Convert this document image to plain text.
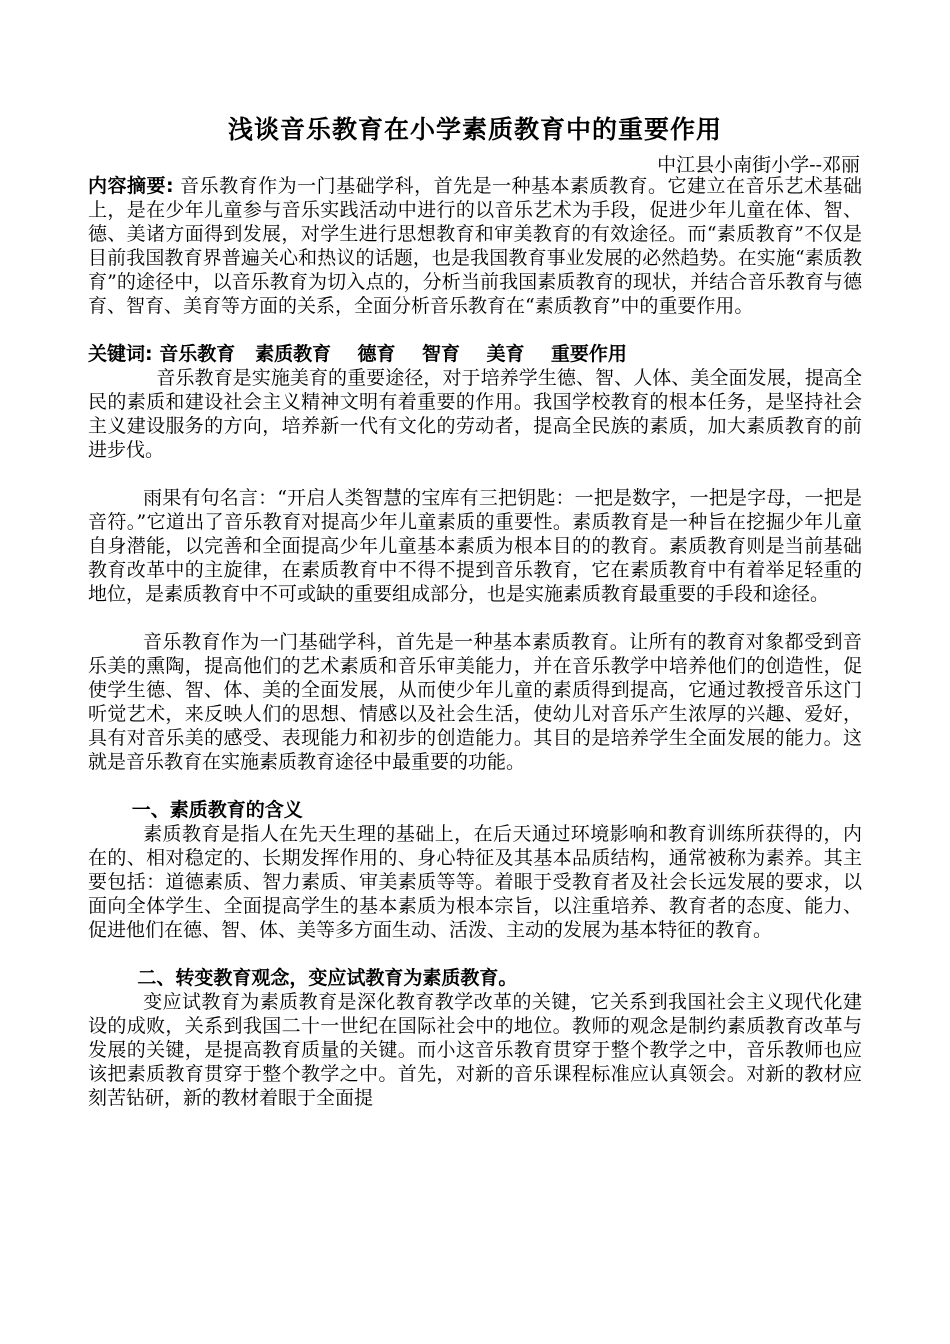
浅谈音乐教育在小学素质教育中的重要作用

中江县小南街小学--邓丽

内容摘要: 音乐教育作为一门基础学科，首先是一种基本素质教育。它建立在音乐艺术基础上，是在少年儿童参与音乐实践活动中进行的以音乐艺术为手段，促进少年儿童在体、智、德、美诸方面得到发展，对学生进行思想教育和审美教育的有效途径。而“素质教育”不仅是目前我国教育界普遍关心和热议的话题，也是我国教育事业发展的必然趋势。在实施“素质教育”的途径中，以音乐教育为切入点的，分析当前我国素质教育的现状，并结合音乐教育与德育、智育、美育等方面的关系，全面分析音乐教育在“素质教育”中的重要作用。

关键词: 音乐教育   素质教育    德育    智育    美育    重要作用

音乐教育是实施美育的重要途径，对于培养学生德、智、人体、美全面发展，提高全民的素质和建设社会主义精神文明有着重要的作用。我国学校教育的根本任务，是坚持社会主义建设服务的方向，培养新一代有文化的劳动者，提高全民族的素质，加大素质教育的前进步伐。

雨果有句名言：“开启人类智慧的宝库有三把钥匙：一把是数字，一把是字母，一把是音符。”它道出了音乐教育对提高少年儿童素质的重要性。素质教育是一种旨在挖掘少年儿童自身潜能，以完善和全面提高少年儿童基本素质为根本目的的教育。素质教育则是当前基础教育改革中的主旋律，在素质教育中不得不提到音乐教育，它在素质教育中有着举足轻重的地位，是素质教育中不可或缺的重要组成部分，也是实施素质教育最重要的手段和途径。

音乐教育作为一门基础学科，首先是一种基本素质教育。让所有的教育对象都受到音乐美的熏陶，提高他们的艺术素质和音乐审美能力，并在音乐教学中培养他们的创造性，促使学生德、智、体、美的全面发展，从而使少年儿童的素质得到提高，它通过教授音乐这门听觉艺术，来反映人们的思想、情感以及社会生活，使幼儿对音乐产生浓厚的兴趣、爱好，具有对音乐美的感受、表现能力和初步的创造能力。其目的是培养学生全面发展的能力。这就是音乐教育在实施素质教育途径中最重要的功能。

一、素质教育的含义

素质教育是指人在先天生理的基础上，在后天通过环境影响和教育训练所获得的，内在的、相对稳定的、长期发挥作用的、身心特征及其基本品质结构，通常被称为素养。其主要包括：道德素质、智力素质、审美素质等等。着眼于受教育者及社会长远发展的要求，以面向全体学生、全面提高学生的基本素质为根本宗旨，以注重培养、教育者的态度、能力、促进他们在德、智、体、美等多方面生动、活泼、主动的发展为基本特征的教育。

二、转变教育观念，变应试教育为素质教育。

变应试教育为素质教育是深化教育教学改革的关键，它关系到我国社会主义现代化建设的成败，关系到我国二十一世纪在国际社会中的地位。教师的观念是制约素质教育改革与发展的关键，是提高教育质量的关键。而小这音乐教育贯穿于整个教学之中，音乐教师也应该把素质教育贯穿于整个教学之中。首先，对新的音乐课程标准应认真领会。对新的教材应刻苦钻研，新的教材着眼于全面提
